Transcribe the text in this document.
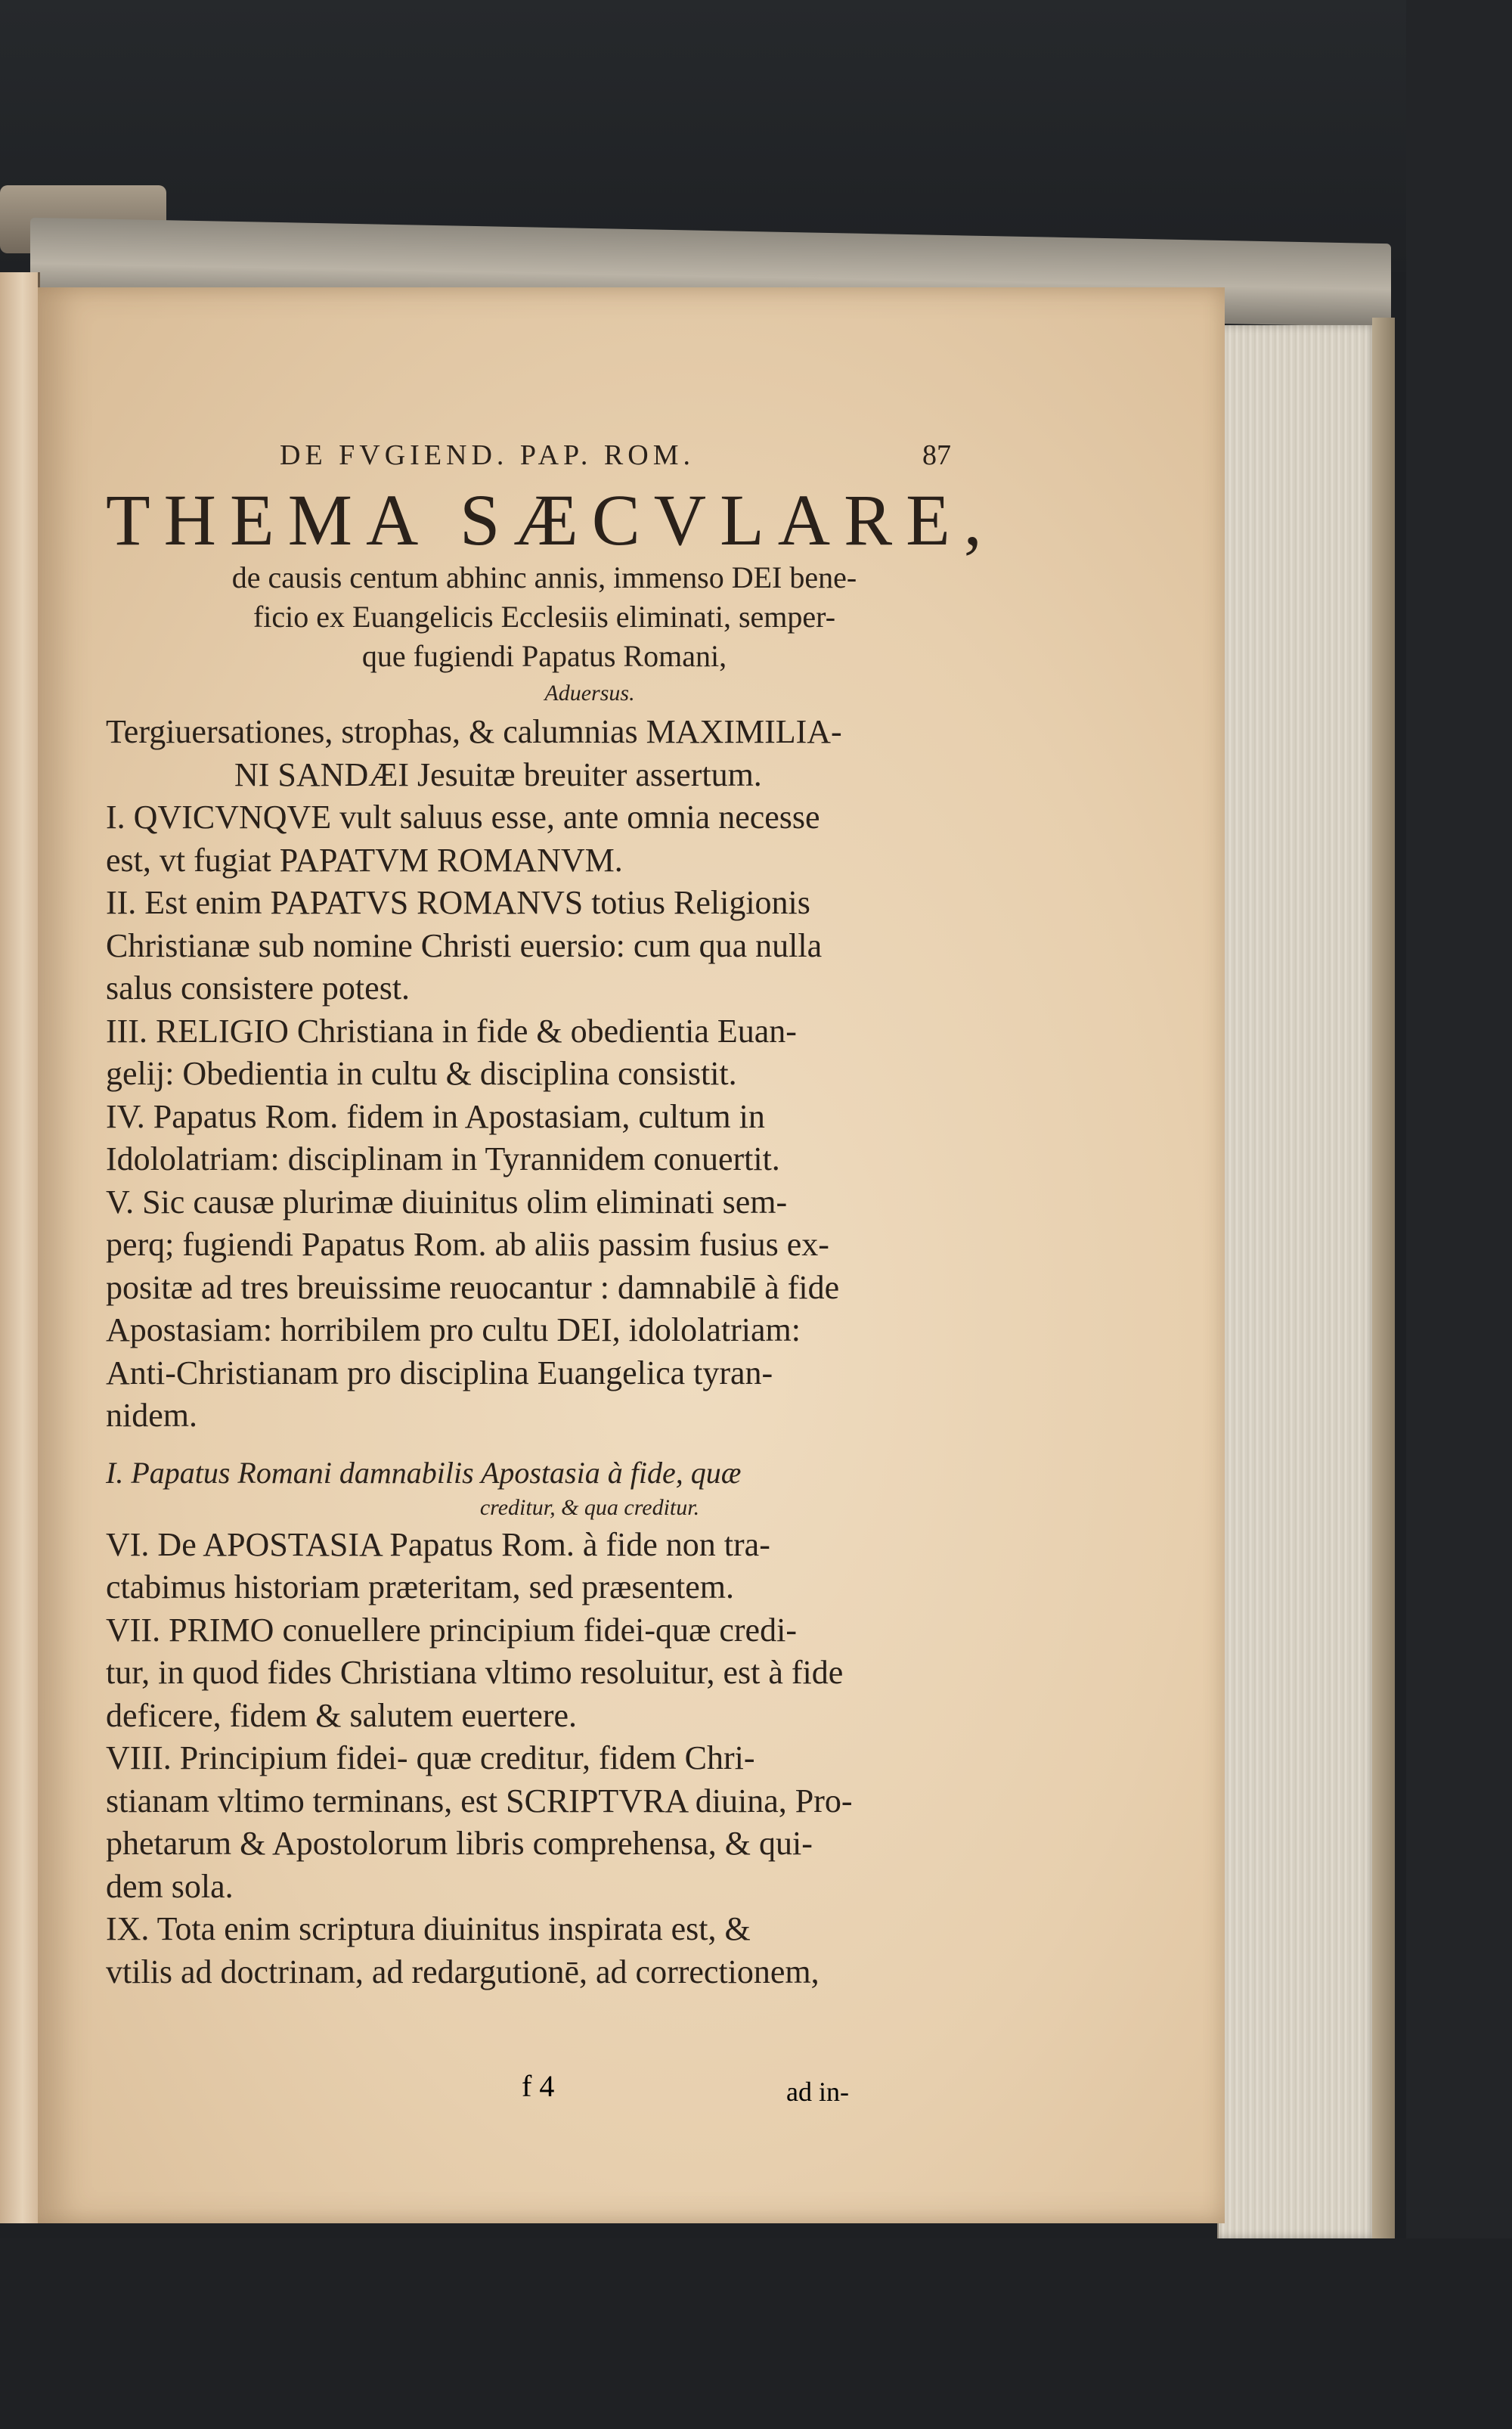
DE FVGIEND. PAP. ROM.	87
THEMA SÆCVLARE,
de causis centum abhinc annis, immenso DEI bene-
ficio ex Euangelicis Ecclesiis eliminati, semper-
que fugiendi Papatus Romani,
Aduersus.
Tergiuersationes, strophas, & calumnias MAXIMILIA-
NI SANDÆI Jesuitæ breuiter assertum.
I. QVICVNQVE vult saluus esse, ante omnia necesse
est, vt fugiat PAPATVM ROMANVM.
II. Est enim PAPATVS ROMANVS totius Religionis
Christianæ sub nomine Christi euersio: cum qua nulla
salus consistere potest.
III. RELIGIO Christiana in fide & obedientia Euan-
gelij: Obedientia in cultu & disciplina consistit.
IV. Papatus Rom. fidem in Apostasiam, cultum in
Idololatriam: disciplinam in Tyrannidem conuertit.
V. Sic causæ plurimæ diuinitus olim eliminati sem-
perq; fugiendi Papatus Rom. ab aliis passim fusius ex-
positæ ad tres breuissime reuocantur : damnabilē à fide
Apostasiam: horribilem pro cultu DEI, idololatriam:
Anti-Christianam pro disciplina Euangelica tyran-
nidem.
I. Papatus Romani damnabilis Apostasia à fide, quæ
creditur, & qua creditur.
VI. De APOSTASIA Papatus Rom. à fide non tra-
ctabimus historiam præteritam, sed præsentem.
VII. PRIMO conuellere principium fidei-quæ credi-
tur, in quod fides Christiana vltimo resoluitur, est à fide
deficere, fidem & salutem euertere.
VIII. Principium fidei- quæ creditur, fidem Chri-
stianam vltimo terminans, est SCRIPTVRA diuina, Pro-
phetarum & Apostolorum libris comprehensa, & qui-
dem sola.
IX. Tota enim scriptura diuinitus inspirata est, &
vtilis ad doctrinam, ad redargutionē, ad correctionem,
f 4	ad in-
